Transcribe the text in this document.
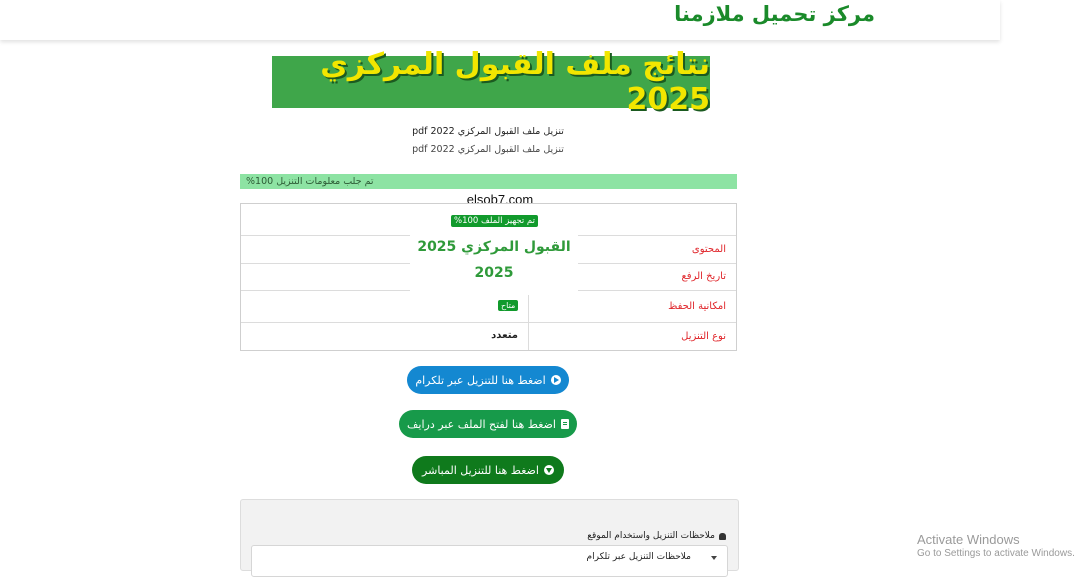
مركز تحميل ملازمنا
نتائج ملف القبول المركزي 2025
تنزيل ملف القبول المركزي 2022 pdf
تنزيل ملف القبول المركزي 2022 pdf
تم جلب معلومات التنزيل 100%
elsob7.com
تم تجهيز الملف 100%
المحتوى
تاريخ الرفع
امكانية الحفظ
متاح
نوع التنزيل
متعدد
القبول المركزي 2025
2025
اضغط هنا للتنزيل عبر تلكرام
اضغط هنا لفتح الملف عبر درايف
اضغط هنا للتنزيل المباشر
ملاحظات التنزيل واستخدام الموقع
ملاحظات التنزيل عبر تلكرام
Activate Windows
Go to Settings to activate Windows.
